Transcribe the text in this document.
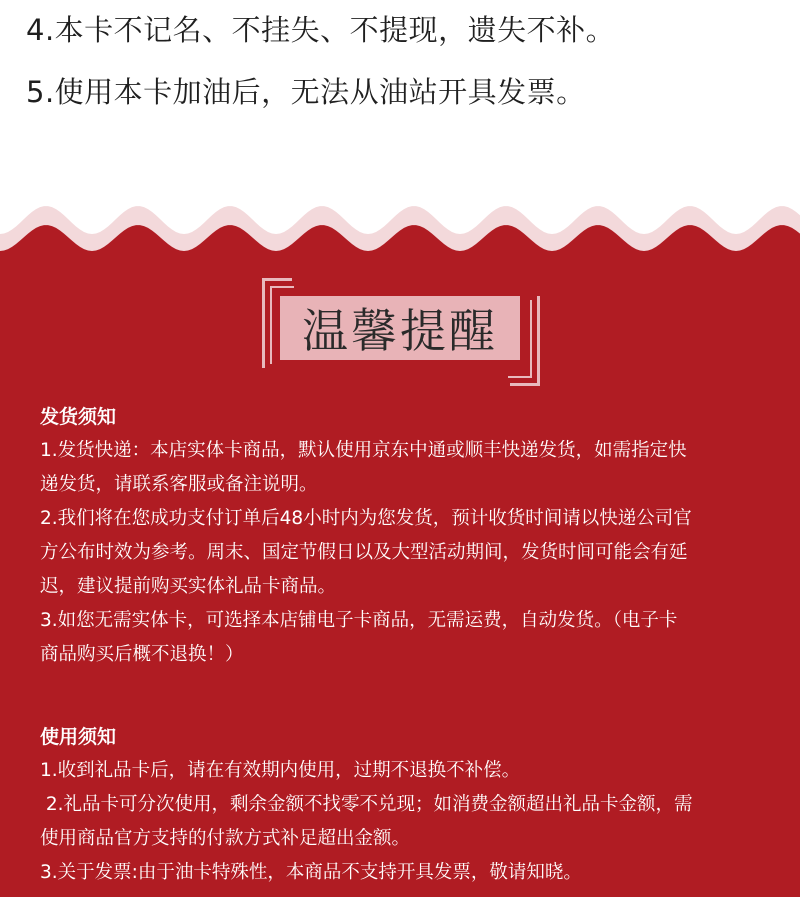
4.本卡不记名、不挂失、不提现，遗失不补。
5.使用本卡加油后，无法从油站开具发票。
温馨提醒
发货须知

1.发货快递：本店实体卡商品，默认使用京东中通或顺丰快递发货，如需指定快

递发货，请联系客服或备注说明。

2.我们将在您成功支付订单后48小时内为您发货，预计收货时间请以快递公司官

方公布时效为参考。周末、国定节假日以及大型活动期间，发货时间可能会有延

迟，建议提前购买实体礼品卡商品。

3.如您无需实体卡，可选择本店铺电子卡商品，无需运费，自动发货。（电子卡

商品购买后概不退换！）

使用须知

1.收到礼品卡后，请在有效期内使用，过期不退换不补偿。

2.礼品卡可分次使用，剩余金额不找零不兑现；如消费金额超出礼品卡金额，需

使用商品官方支持的付款方式补足超出金额。

3.关于发票:由于油卡特殊性，本商品不支持开具发票，敬请知晓。
